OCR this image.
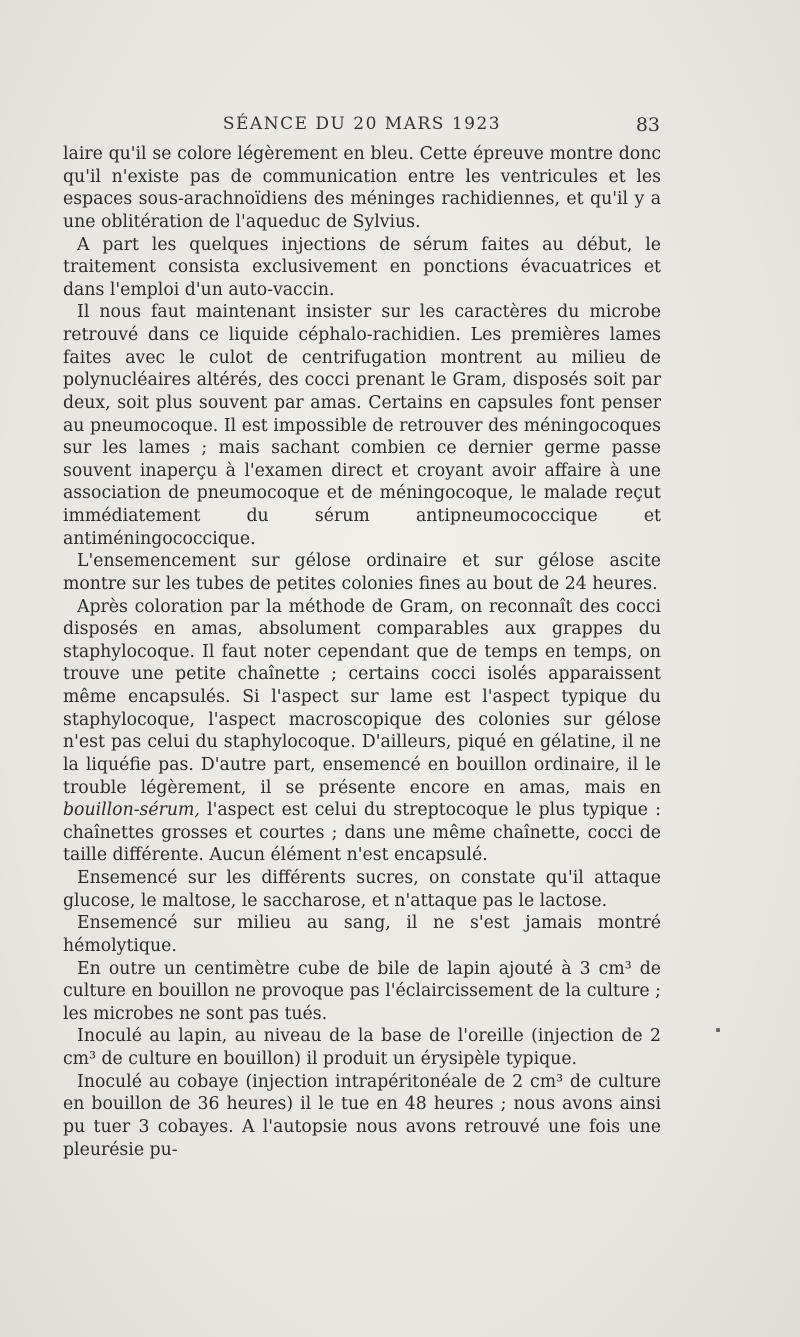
SÉANCE DU 20 MARS 1923	83

laire qu'il se colore légèrement en bleu. Cette épreuve montre donc qu'il n'existe pas de communication entre les ventricules et les espaces sous-arachnoïdiens des méninges rachidiennes, et qu'il y a une oblitération de l'aqueduc de Sylvius.

A part les quelques injections de sérum faites au début, le traitement consista exclusivement en ponctions évacuatrices et dans l'emploi d'un auto-vaccin.

Il nous faut maintenant insister sur les caractères du microbe retrouvé dans ce liquide céphalo-rachidien. Les premières lames faites avec le culot de centrifugation montrent au milieu de polynucléaires altérés, des cocci prenant le Gram, disposés soit par deux, soit plus souvent par amas. Certains en capsules font penser au pneumocoque. Il est impossible de retrouver des méningocoques sur les lames ; mais sachant combien ce dernier germe passe souvent inaperçu à l'examen direct et croyant avoir affaire à une association de pneumocoque et de méningocoque, le malade reçut immédiatement du sérum antipneumococcique et antiméningococcique.

L'ensemencement sur gélose ordinaire et sur gélose ascite montre sur les tubes de petites colonies fines au bout de 24 heures.

Après coloration par la méthode de Gram, on reconnaît des cocci disposés en amas, absolument comparables aux grappes du staphylocoque. Il faut noter cependant que de temps en temps, on trouve une petite chaînette ; certains cocci isolés apparaissent même encapsulés. Si l'aspect sur lame est l'aspect typique du staphylocoque, l'aspect macroscopique des colonies sur gélose n'est pas celui du staphylocoque. D'ailleurs, piqué en gélatine, il ne la liquéfie pas. D'autre part, ensemencé en bouillon ordinaire, il le trouble légèrement, il se présente encore en amas, mais en bouillon-sérum, l'aspect est celui du streptocoque le plus typique : chaînettes grosses et courtes ; dans une même chaînette, cocci de taille différente. Aucun élément n'est encapsulé.

Ensemencé sur les différents sucres, on constate qu'il attaque glucose, le maltose, le saccharose, et n'attaque pas le lactose.

Ensemencé sur milieu au sang, il ne s'est jamais montré hémolytique.

En outre un centimètre cube de bile de lapin ajouté à 3 cm³ de culture en bouillon ne provoque pas l'éclaircissement de la culture ; les microbes ne sont pas tués.

Inoculé au lapin, au niveau de la base de l'oreille (injection de 2 cm³ de culture en bouillon) il produit un érysipèle typique.

Inoculé au cobaye (injection intrapéritonéale de 2 cm³ de culture en bouillon de 36 heures) il le tue en 48 heures ; nous avons ainsi pu tuer 3 cobayes. A l'autopsie nous avons retrouvé une fois une pleurésie pu-
